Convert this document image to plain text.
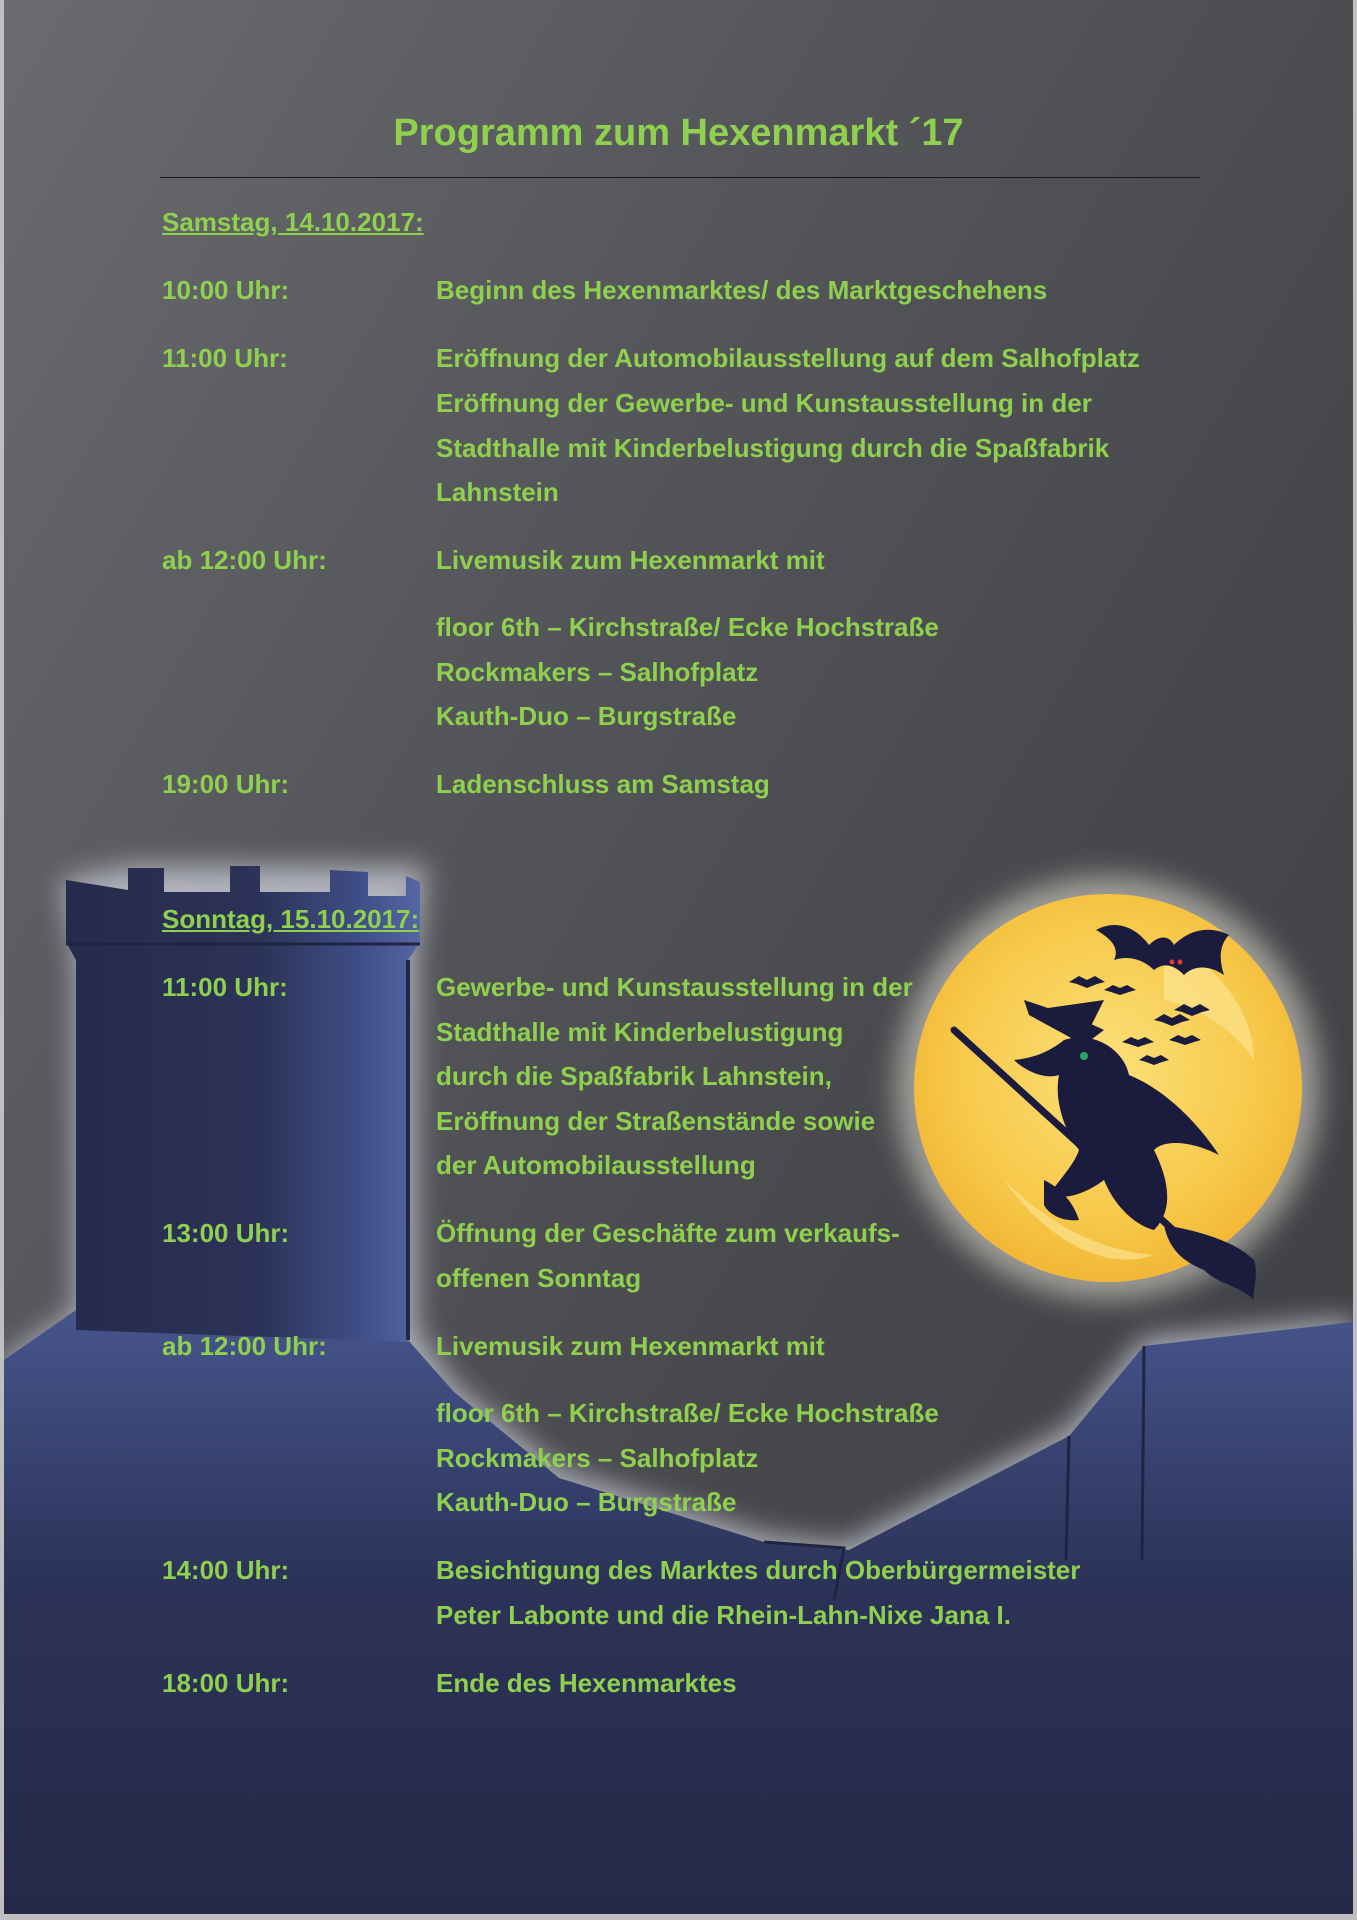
Programm zum Hexenmarkt ´17
Samstag, 14.10.2017:
10:00 Uhr:	Beginn des Hexenmarktes/ des Marktgeschehens
11:00 Uhr:	Eröffnung der Automobilausstellung auf dem Salhofplatz
Eröffnung der Gewerbe- und Kunstausstellung in der
Stadthalle mit Kinderbelustigung durch die Spaßfabrik
Lahnstein
ab 12:00 Uhr:	Livemusik zum Hexenmarkt mit
floor 6th – Kirchstraße/ Ecke Hochstraße
Rockmakers – Salhofplatz
Kauth-Duo – Burgstraße
19:00 Uhr:	Ladenschluss am Samstag
Sonntag, 15.10.2017:
11:00 Uhr:	Gewerbe- und Kunstausstellung in der
Stadthalle mit Kinderbelustigung
durch die Spaßfabrik Lahnstein,
Eröffnung der Straßenstände sowie
der Automobilausstellung
13:00 Uhr:	Öffnung der Geschäfte zum verkaufs-
offenen Sonntag
ab 12:00 Uhr:	Livemusik zum Hexenmarkt mit
floor 6th – Kirchstraße/ Ecke Hochstraße
Rockmakers – Salhofplatz
Kauth-Duo – Burgstraße
14:00 Uhr:	Besichtigung des Marktes durch Oberbürgermeister
Peter Labonte und die Rhein-Lahn-Nixe Jana I.
18:00 Uhr:	Ende des Hexenmarktes
